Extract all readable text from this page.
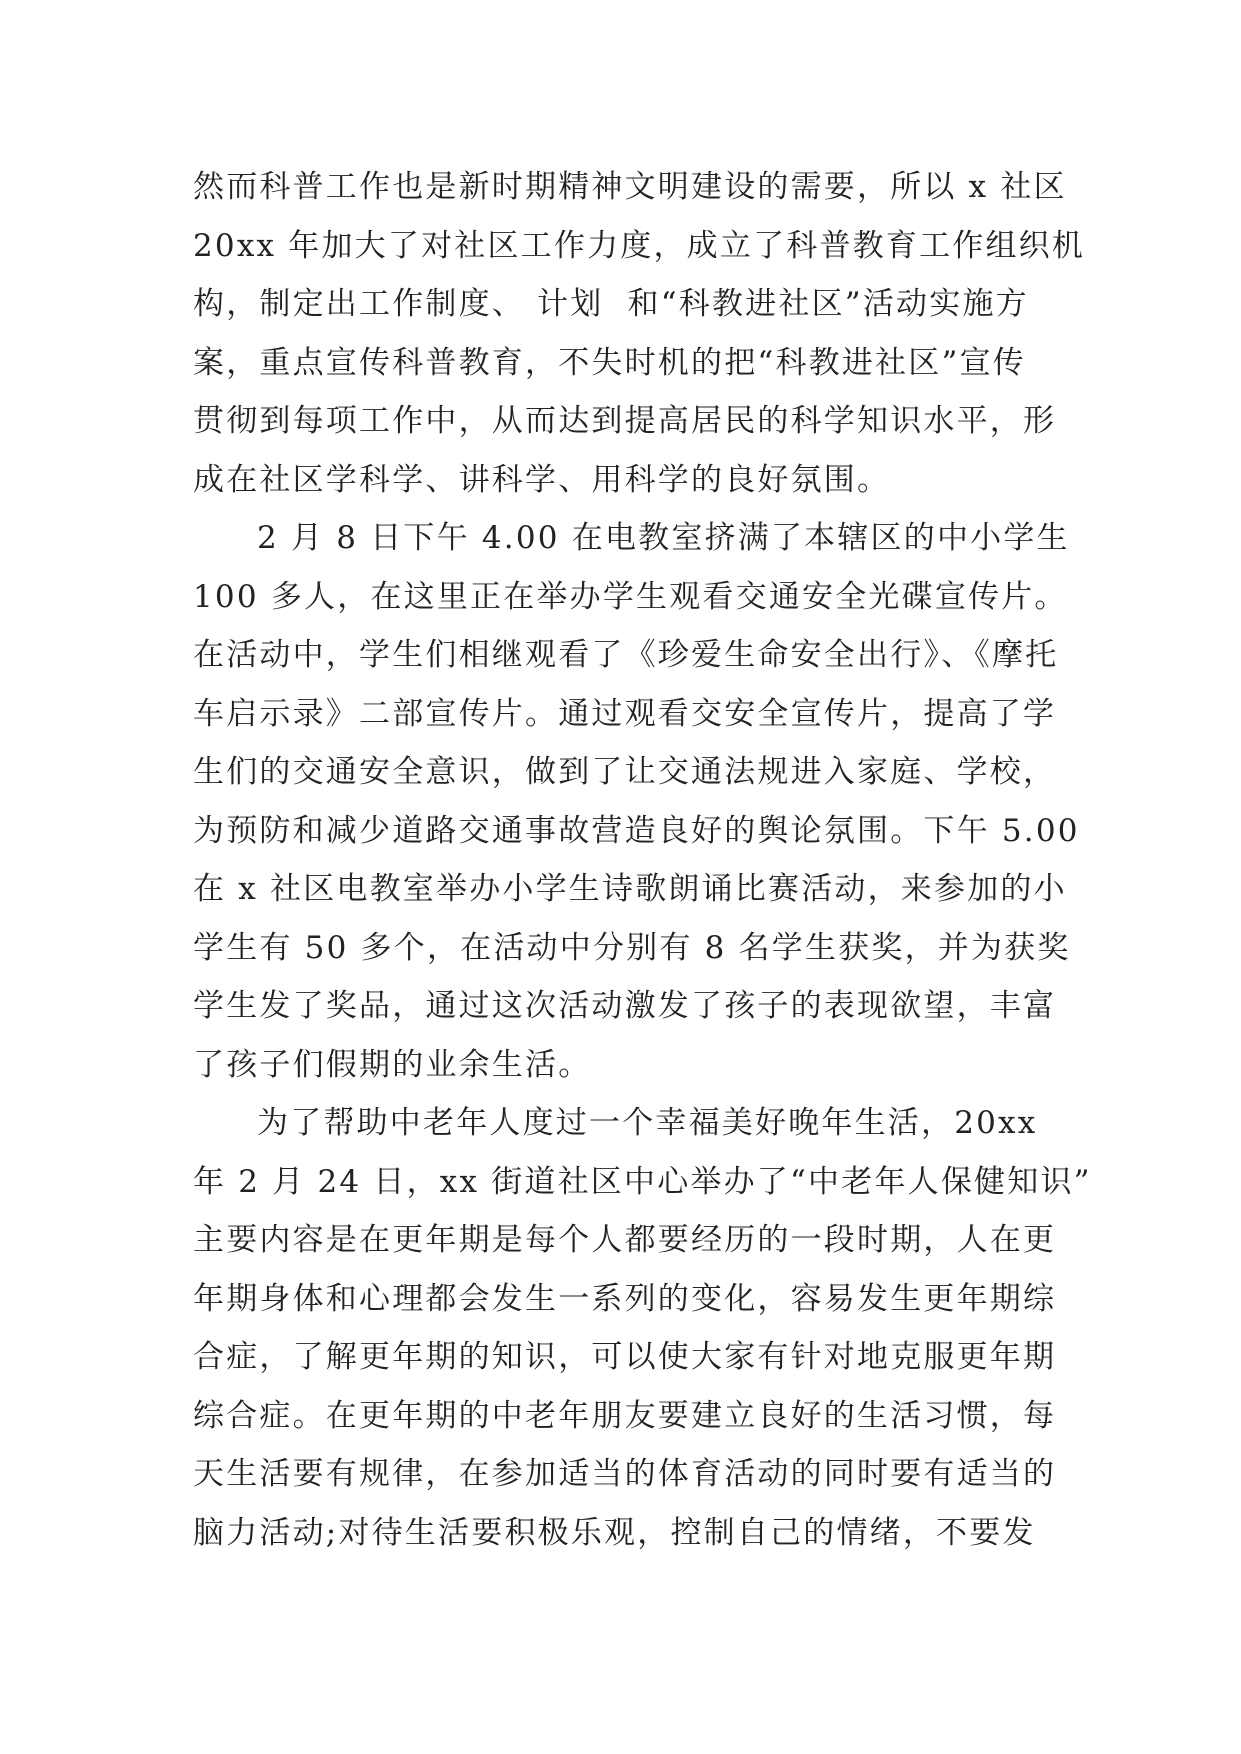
然而科普工作也是新时期精神文明建设的需要，所以 x 社区
20xx 年加大了对社区工作力度，成立了科普教育工作组织机
构，制定出工作制度、 计划  和“科教进社区”活动实施方
案，重点宣传科普教育，不失时机的把“科教进社区”宣传
贯彻到每项工作中，从而达到提高居民的科学知识水平，形
成在社区学科学、讲科学、用科学的良好氛围。
2 月 8 日下午 4.00 在电教室挤满了本辖区的中小学生
100 多人，在这里正在举办学生观看交通安全光碟宣传片。
在活动中，学生们相继观看了《珍爱生命安全出行》、《摩托
车启示录》二部宣传片。通过观看交安全宣传片，提高了学
生们的交通安全意识，做到了让交通法规进入家庭、学校，
为预防和减少道路交通事故营造良好的舆论氛围。下午 5.00
在 x 社区电教室举办小学生诗歌朗诵比赛活动，来参加的小
学生有 50 多个，在活动中分别有 8 名学生获奖，并为获奖
学生发了奖品，通过这次活动激发了孩子的表现欲望，丰富
了孩子们假期的业余生活。
为了帮助中老年人度过一个幸福美好晚年生活，20xx
年 2 月 24 日，xx 街道社区中心举办了“中老年人保健知识”
主要内容是在更年期是每个人都要经历的一段时期，人在更
年期身体和心理都会发生一系列的变化，容易发生更年期综
合症，了解更年期的知识，可以使大家有针对地克服更年期
综合症。在更年期的中老年朋友要建立良好的生活习惯，每
天生活要有规律，在参加适当的体育活动的同时要有适当的
脑力活动;对待生活要积极乐观，控制自己的情绪，不要发
